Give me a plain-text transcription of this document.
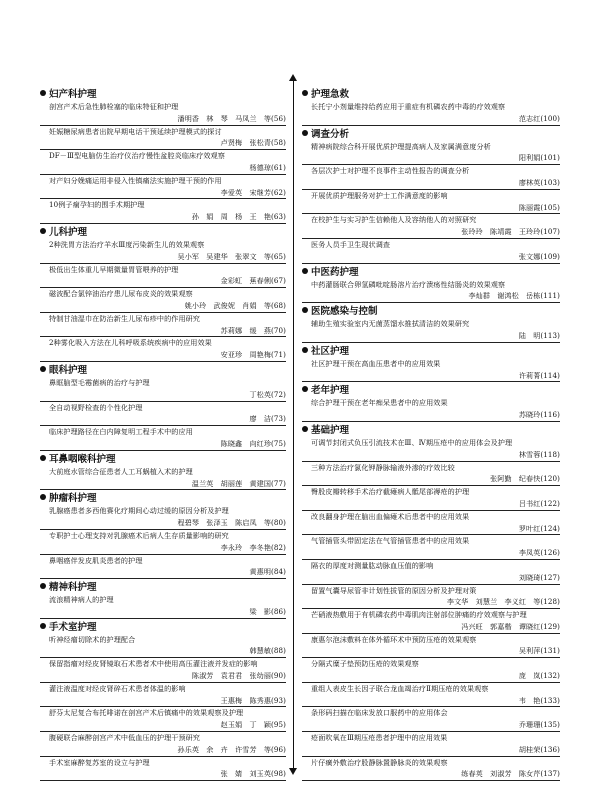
妇产科护理
剖宫产术后急性肺栓塞的临床特征和护理
潘明香　林　琴　马凤兰　等(56)
妊娠糖尿病患者出院早期电话干预延续护理模式的探讨
卢贤梅　张松青(58)
DF－Ⅲ型电脑仿生治疗仪治疗慢性盆腔炎临床疗效观察
杨德琼(61)
对产妇分娩痛运用非侵入性镇痛法实施护理干预的作用
李爱英　宋继芳(62)
10例子痫孕妇的围手术期护理
孙　娟　周　杨　王　艳(63)
儿科护理
2种洗胃方法治疗羊水Ⅲ度污染新生儿的效果观察
吴小军　吴建华　张翠文　等(65)
极低出生体重儿早期微量胃管喂养的护理
金彩虹　蕉春俐(67)
磁波配合氯锌油治疗患儿尿布皮炎的效果观察
姚小玲　武俊妮　肖娟　等(68)
特制甘油湿巾在防治新生儿尿布疹中的作用研究
苏莉娜　缓　燕(70)
2种雾化吸入方法在儿科呼吸系统疾病中的应用效果
安亚珍　周艳梅(71)
眼科护理
鼻眶脑型毛霉菌病的治疗与护理
丁松英(72)
全自动视野检查的个性化护理
廖　洁(73)
临床护理路径在白内障复明工程手术中的应用
陈晓鑫　向红珍(75)
耳鼻咽喉科护理
大前庭水管综合征患者人工耳蜗植入术的护理
温兰英　胡丽莲　黄建国(77)
肿瘤科护理
乳腺癌患者多西他赛化疗期间心动过缓的原因分析及护理
程碧琴　张泽玉　陈启凤　等(80)
专职护士心理支持对乳腺癌术后病人生存质量影响的研究
李永玲　李冬艳(82)
鼻咽癌伴发皮肌炎患者的护理
黄惠明(84)
精神科护理
流浪精神病人的护理
梁　影(86)
手术室护理
听神经瘤切除术的护理配合
韩慧敏(88)
保留指瘤对经皮肾镜取石术患者术中使用高压灌注液并发症的影响
陈淑芳　袁君君　张幼丽(90)
灌注液温度对经皮肾碎石术患者体温的影响
王惠梅　陈秀惠(93)
舒芬太尼复合布托啡诺在剖宫产术后镇痛中的效果观察及护理
赵玉娟　丁　颖(95)
腹硬联合麻醉剖宫产术中低血压的护理干预研究
孙乐英　余　卉　许雪芳　等(96)
手术室麻醉复苏室的设立与护理
张　婧　刘玉英(98)
护理急救
长托宁小剂量维持给药应用于重症有机磷农药中毒的疗效观察
范志红(100)
调查分析
精神病院综合科开展优质护理提高病人及家属满意度分析
阳利娟(101)
各层次护士对护理不良事件主动性报告的调查分析
廖林英(103)
开展优质护理服务对护士工作满意度的影响
陈丽霞(105)
在校护生与实习护生信赖他人及容纳他人的对照研究
张玲玲　陈靖霞　王玲玲(107)
医务人员手卫生现状调查
张文娜(109)
中医药护理
中药灌肠联合卵氢磷吡啶肠溶片治疗溃疡性结肠炎的效果观察
李灿群　谢鸿松　岳栋(111)
医院感染与控制
辅助生殖实验室内无菌蒸馏水推拭清洁的效果研究
陆　明(113)
社区护理
社区护理干预在高血压患者中的应用效果
许莉菁(114)
老年护理
综合护理干预在老年痴呆患者中的应用效果
苏晓玲(116)
基础护理
可调节封闭式负压引流技术在Ⅲ、Ⅳ期压疮中的应用体会及护理
林雪蓉(118)
三种方法治疗氯化钾静脉输液外渗的疗效比较
张阿勤　纪春快(120)
臀股皮瓣转移手术治疗截瘫病人骶尾部褥疮的护理
吕书红(122)
改良翻身护理在脑出血偏瘫术后患者中的应用效果
罗叶红(124)
气管插管头带固定法在气管插管患者中的应用效果
李凤英(126)
隔衣的厚度对测量肱动脉血压值的影响
刘晓琦(127)
留置气囊导尿管非计划性拔管的原因分析及护理对策
李文华　刘慧兰　李义红　等(128)
芒硝液热敷用于有机磷农药中毒肌肉注射部位肿痛的疗效观察与护理
冯兴旺　郭嘉楷　谭晓红(129)
康惠尔泡沫敷料在体外循环术中预防压疮的效果观察
吴利萍(131)
分隔式糜子垫预防压疮的效果观察
庞　岚(132)
重组人表皮生长因子联合龙血竭治疗Ⅱ期压疮的效果观察
韦　艳(133)
条形码扫描在临床发放口服药中的应用体会
乔珊珊(135)
疮面吹氧在Ⅲ期压疮患者护理中的应用效果
胡桂荣(136)
片仔癀外敷治疗股静脉置静脉炎的效果观察
练春英　刘淑芳　陈女芹(137)
